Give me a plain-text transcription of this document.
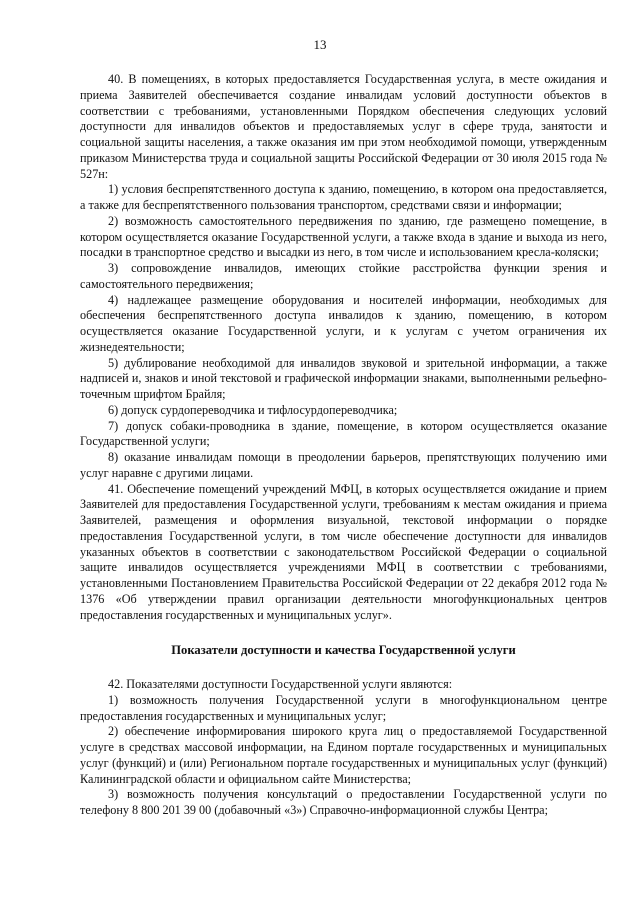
13

40. В помещениях, в которых предоставляется Государственная услуга, в месте ожидания и приема Заявителей обеспечивается создание инвалидам условий доступности объектов в соответствии с требованиями, установленными Порядком обеспечения следующих условий доступности для инвалидов объектов и предоставляемых услуг в сфере труда, занятости и социальной защиты населения, а также оказания им при этом необходимой помощи, утвержденным приказом Министерства труда и социальной защиты Российской Федерации от 30 июля 2015 года № 527н:

1) условия беспрепятственного доступа к зданию, помещению, в котором она предоставляется, а также для беспрепятственного пользования транспортом, средствами связи и информации;

2) возможность самостоятельного передвижения по зданию, где размещено помещение, в котором осуществляется оказание Государственной услуги, а также входа в здание и выхода из него, посадки в транспортное средство и высадки из него, в том числе и использованием кресла-коляски;

3) сопровождение инвалидов, имеющих стойкие расстройства функции зрения и самостоятельного передвижения;

4) надлежащее размещение оборудования и носителей информации, необходимых для обеспечения беспрепятственного доступа инвалидов к зданию, помещению, в котором осуществляется оказание Государственной услуги, и к услугам с учетом ограничения их жизнедеятельности;

5) дублирование необходимой для инвалидов звуковой и зрительной информации, а также надписей и, знаков и иной текстовой и графической информации знаками, выполненными рельефно-точечным шрифтом Брайля;

6) допуск сурдопереводчика и тифлосурдопереводчика;

7) допуск собаки-проводника в здание, помещение, в котором осуществляется оказание Государственной услуги;

8) оказание инвалидам помощи в преодолении барьеров, препятствующих получению ими услуг наравне с другими лицами.

41. Обеспечение помещений учреждений МФЦ, в которых осуществляется ожидание и прием Заявителей для предоставления Государственной услуги, требованиям к местам ожидания и приема Заявителей, размещения и оформления визуальной, текстовой информации о порядке предоставления Государственной услуги, в том числе обеспечение доступности для инвалидов указанных объектов в соответствии с законодательством Российской Федерации о социальной защите инвалидов осуществляется учреждениями МФЦ в соответствии с требованиями, установленными Постановлением Правительства Российской Федерации от 22 декабря 2012 года № 1376 «Об утверждении правил организации деятельности многофункциональных центров предоставления государственных и муниципальных услуг».

Показатели доступности и качества Государственной услуги

42. Показателями доступности Государственной услуги являются:

1) возможность получения Государственной услуги в многофункциональном центре предоставления государственных и муниципальных услуг;

2) обеспечение информирования широкого круга лиц о предоставляемой Государственной услуге в средствах массовой информации, на Едином портале государственных и муниципальных услуг (функций) и (или) Региональном портале государственных и муниципальных услуг (функций) Калининградской области и официальном сайте Министерства;

3) возможность получения консультаций о предоставлении Государственной услуги по телефону 8 800 201 39 00 (добавочный «3») Справочно-информационной службы Центра;
